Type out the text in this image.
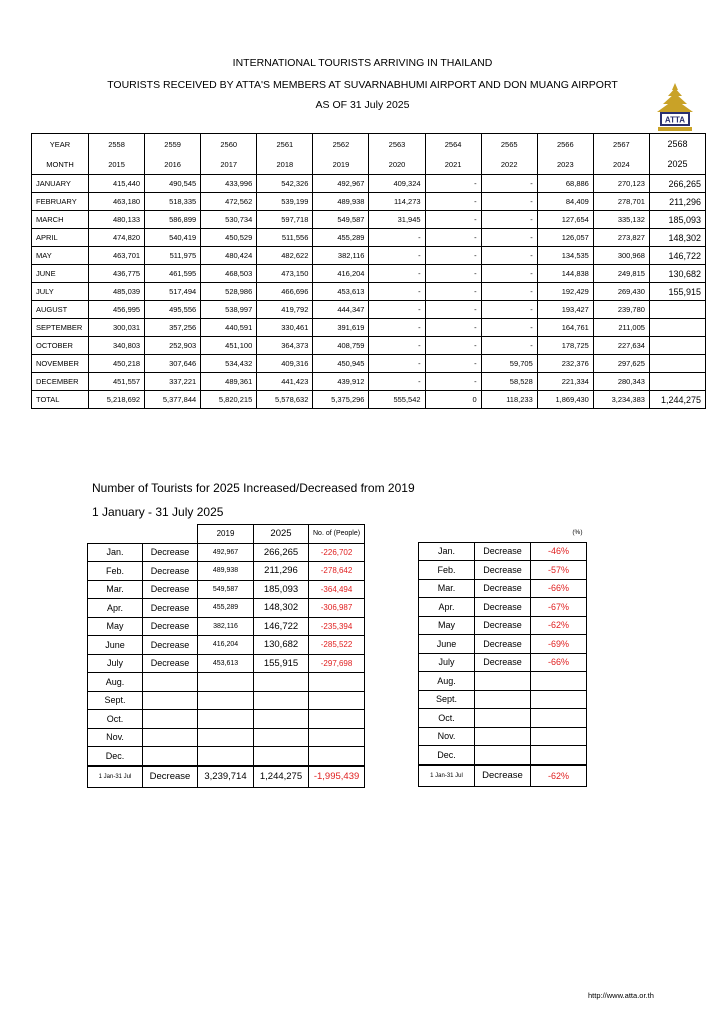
INTERNATIONAL TOURISTS ARRIVING IN THAILAND
TOURISTS RECEIVED BY ATTA'S MEMBERS AT SUVARNABHUMI AIRPORT AND DON MUANG AIRPORT
AS OF 31 July 2025
ATTA
YEAR	2558	2559	2560	2561	2562	2563	2564	2565	2566	2567	2568
MONTH	2015	2016	2017	2018	2019	2020	2021	2022	2023	2024	2025
JANUARY	415,440	490,545	433,996	542,326	492,967	409,324	-	-	68,886	270,123	266,265
FEBRUARY	463,180	518,335	472,562	539,199	489,938	114,273	-	-	84,409	278,701	211,296
MARCH	480,133	586,899	530,734	597,718	549,587	31,945	-	-	127,654	335,132	185,093
APRIL	474,820	540,419	450,529	511,556	455,289	-	-	-	126,057	273,827	148,302
MAY	463,701	511,975	480,424	482,622	382,116	-	-	-	134,535	300,968	146,722
JUNE	436,775	461,595	468,503	473,150	416,204	-	-	-	144,838	249,815	130,682
JULY	485,039	517,494	528,986	466,696	453,613	-	-	-	192,429	269,430	155,915
AUGUST	456,995	495,556	538,997	419,792	444,347	-	-	-	193,427	239,780	
SEPTEMBER	300,031	357,256	440,591	330,461	391,619	-	-	-	164,761	211,005	
OCTOBER	340,803	252,903	451,100	364,373	408,759	-	-	-	178,725	227,634	
NOVEMBER	450,218	307,646	534,432	409,316	450,945	-	-	59,705	232,376	297,625	
DECEMBER	451,557	337,221	489,361	441,423	439,912	-	-	58,528	221,334	280,343	
TOTAL	5,218,692	5,377,844	5,820,215	5,578,632	5,375,296	555,542	0	118,233	1,869,430	3,234,383	1,244,275
Number of Tourists for 2025 Increased/Decreased from 2019
1 January - 31 July 2025
		2019	2025	No. of (People)
Jan.	Decrease	492,967	266,265	-226,702
Feb.	Decrease	489,938	211,296	-278,642
Mar.	Decrease	549,587	185,093	-364,494
Apr.	Decrease	455,289	148,302	-306,987
May	Decrease	382,116	146,722	-235,394
June	Decrease	416,204	130,682	-285,522
July	Decrease	453,613	155,915	-297,698
Aug.				
Sept.				
Oct.				
Nov.				
Dec.				
1 Jan-31 Jul	Decrease	3,239,714	1,244,275	-1,995,439
		(%)
Jan.	Decrease	-46%
Feb.	Decrease	-57%
Mar.	Decrease	-66%
Apr.	Decrease	-67%
May	Decrease	-62%
June	Decrease	-69%
July	Decrease	-66%
Aug.		
Sept.		
Oct.		
Nov.		
Dec.		
1 Jan-31 Jul	Decrease	-62%
http://www.atta.or.th
